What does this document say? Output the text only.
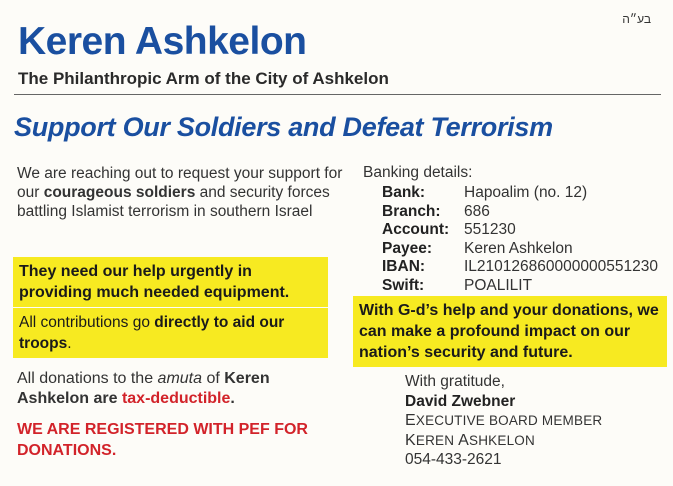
בע״ה
Keren Ashkelon
The Philanthropic Arm of the City of Ashkelon
Support Our Soldiers and Defeat Terrorism
We are reaching out to request your support for our courageous soldiers and security forces battling Islamist terrorism in southern Israel
They need our help urgently in providing much needed equipment.
All contributions go directly to aid our troops.
All donations to the amuta of Keren Ashkelon are tax-deductible.
WE ARE REGISTERED WITH PEF FOR DONATIONS.
Banking details:
Bank:	Hapoalim (no. 12)
Branch:	686
Account: 551230
Payee:	Keren Ashkelon
IBAN:	IL210126860000000551230
Swift:	POALILIT
With G-d’s help and your donations, we can make a profound impact on our nation’s security and future.
With gratitude,
David Zwebner
EXECUTIVE BOARD MEMBER
KEREN ASHKELON
054-433-2621
